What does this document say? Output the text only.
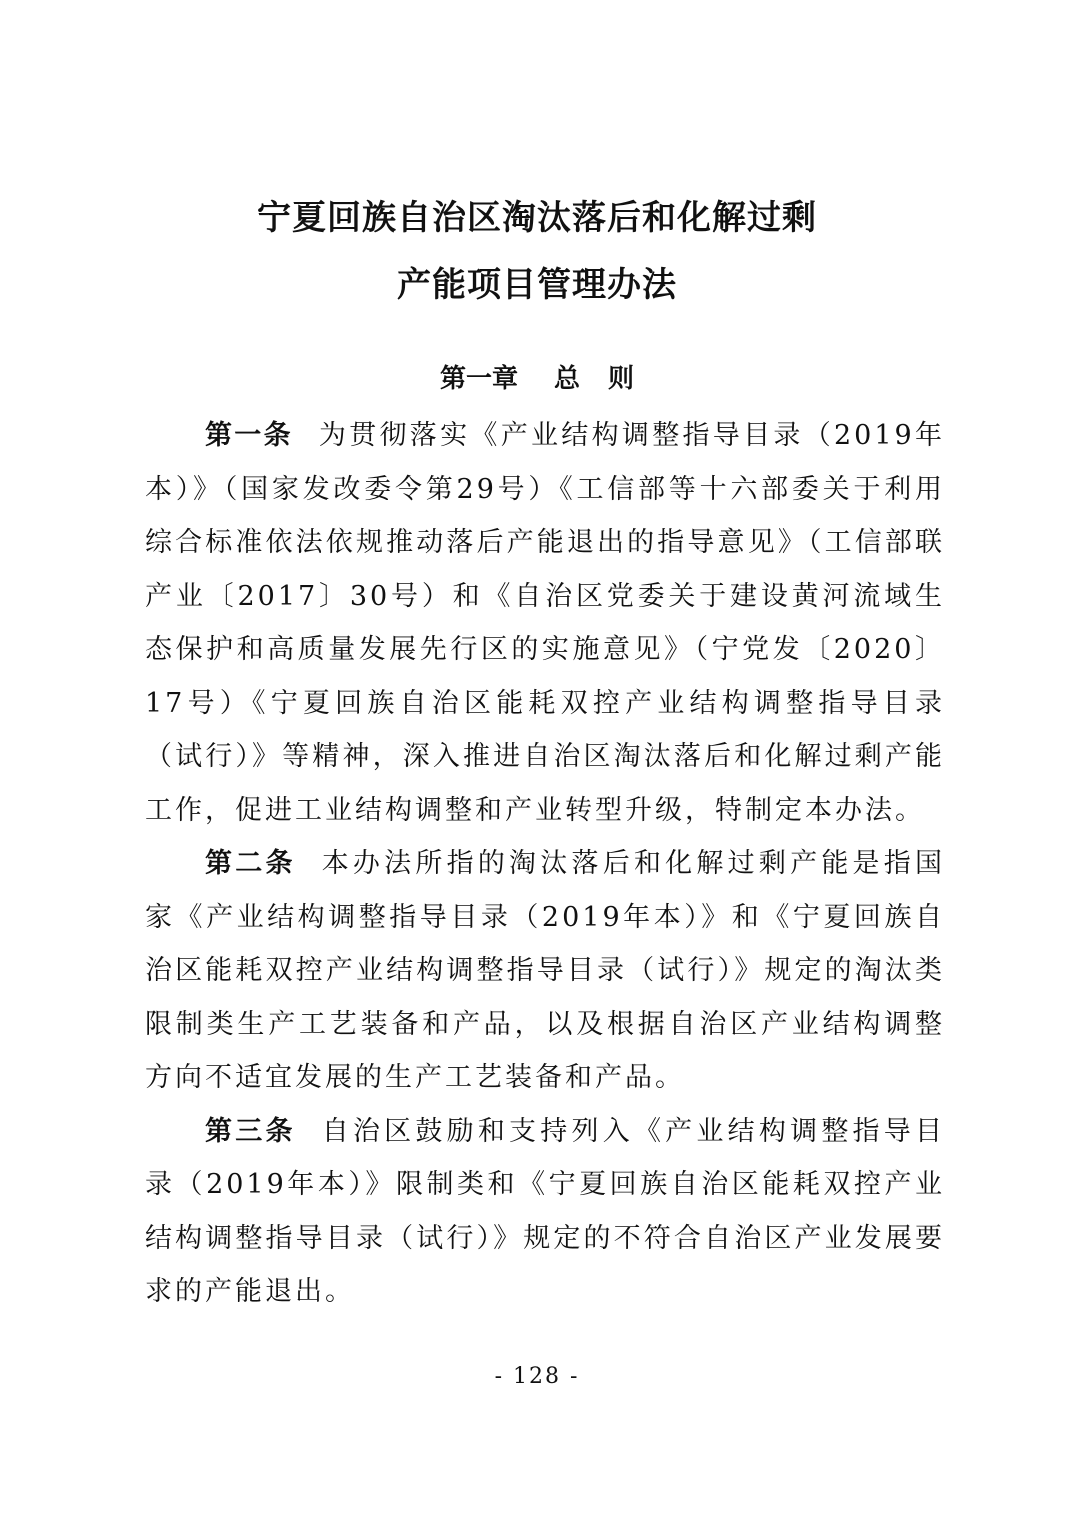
宁夏回族自治区淘汰落后和化解过剩
产能项目管理办法
第一章 总 则

第一条 为贯彻落实《产业结构调整指导目录（2019年本）》（国家发改委令第29号）《工信部等十六部委关于利用综合标准依法依规推动落后产能退出的指导意见》（工信部联产业〔2017〕30号）和《自治区党委关于建设黄河流域生态保护和高质量发展先行区的实施意见》（宁党发〔2020〕17号）《宁夏回族自治区能耗双控产业结构调整指导目录（试行）》等精神，深入推进自治区淘汰落后和化解过剩产能工作，促进工业结构调整和产业转型升级，特制定本办法。

第二条 本办法所指的淘汰落后和化解过剩产能是指国家《产业结构调整指导目录（2019年本）》和《宁夏回族自治区能耗双控产业结构调整指导目录（试行）》规定的淘汰类限制类生产工艺装备和产品，以及根据自治区产业结构调整方向不适宜发展的生产工艺装备和产品。

第三条 自治区鼓励和支持列入《产业结构调整指导目录（2019年本）》限制类和《宁夏回族自治区能耗双控产业结构调整指导目录（试行）》规定的不符合自治区产业发展要求的产能退出。

- 128 -
